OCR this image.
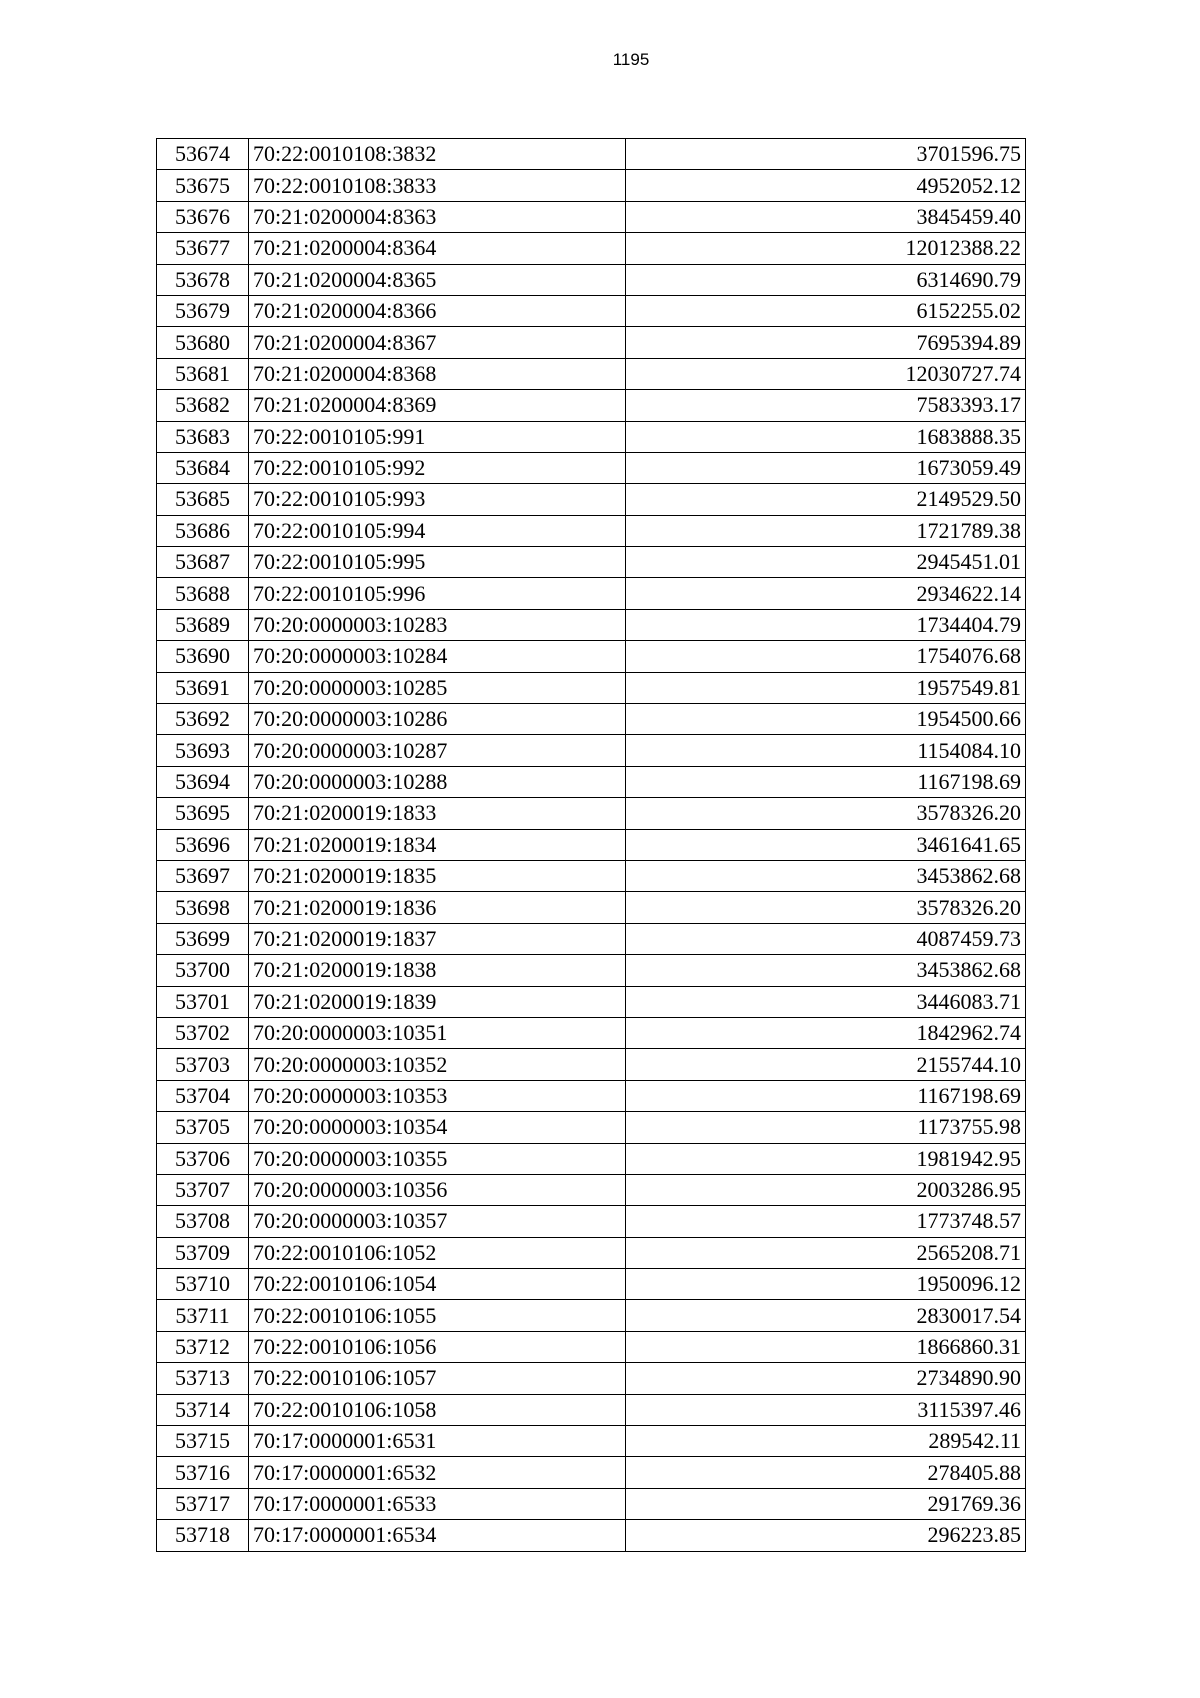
1195
53674	70:22:0010108:3832	3701596.75
53675	70:22:0010108:3833	4952052.12
53676	70:21:0200004:8363	3845459.40
53677	70:21:0200004:8364	12012388.22
53678	70:21:0200004:8365	6314690.79
53679	70:21:0200004:8366	6152255.02
53680	70:21:0200004:8367	7695394.89
53681	70:21:0200004:8368	12030727.74
53682	70:21:0200004:8369	7583393.17
53683	70:22:0010105:991	1683888.35
53684	70:22:0010105:992	1673059.49
53685	70:22:0010105:993	2149529.50
53686	70:22:0010105:994	1721789.38
53687	70:22:0010105:995	2945451.01
53688	70:22:0010105:996	2934622.14
53689	70:20:0000003:10283	1734404.79
53690	70:20:0000003:10284	1754076.68
53691	70:20:0000003:10285	1957549.81
53692	70:20:0000003:10286	1954500.66
53693	70:20:0000003:10287	1154084.10
53694	70:20:0000003:10288	1167198.69
53695	70:21:0200019:1833	3578326.20
53696	70:21:0200019:1834	3461641.65
53697	70:21:0200019:1835	3453862.68
53698	70:21:0200019:1836	3578326.20
53699	70:21:0200019:1837	4087459.73
53700	70:21:0200019:1838	3453862.68
53701	70:21:0200019:1839	3446083.71
53702	70:20:0000003:10351	1842962.74
53703	70:20:0000003:10352	2155744.10
53704	70:20:0000003:10353	1167198.69
53705	70:20:0000003:10354	1173755.98
53706	70:20:0000003:10355	1981942.95
53707	70:20:0000003:10356	2003286.95
53708	70:20:0000003:10357	1773748.57
53709	70:22:0010106:1052	2565208.71
53710	70:22:0010106:1054	1950096.12
53711	70:22:0010106:1055	2830017.54
53712	70:22:0010106:1056	1866860.31
53713	70:22:0010106:1057	2734890.90
53714	70:22:0010106:1058	3115397.46
53715	70:17:0000001:6531	289542.11
53716	70:17:0000001:6532	278405.88
53717	70:17:0000001:6533	291769.36
53718	70:17:0000001:6534	296223.85
